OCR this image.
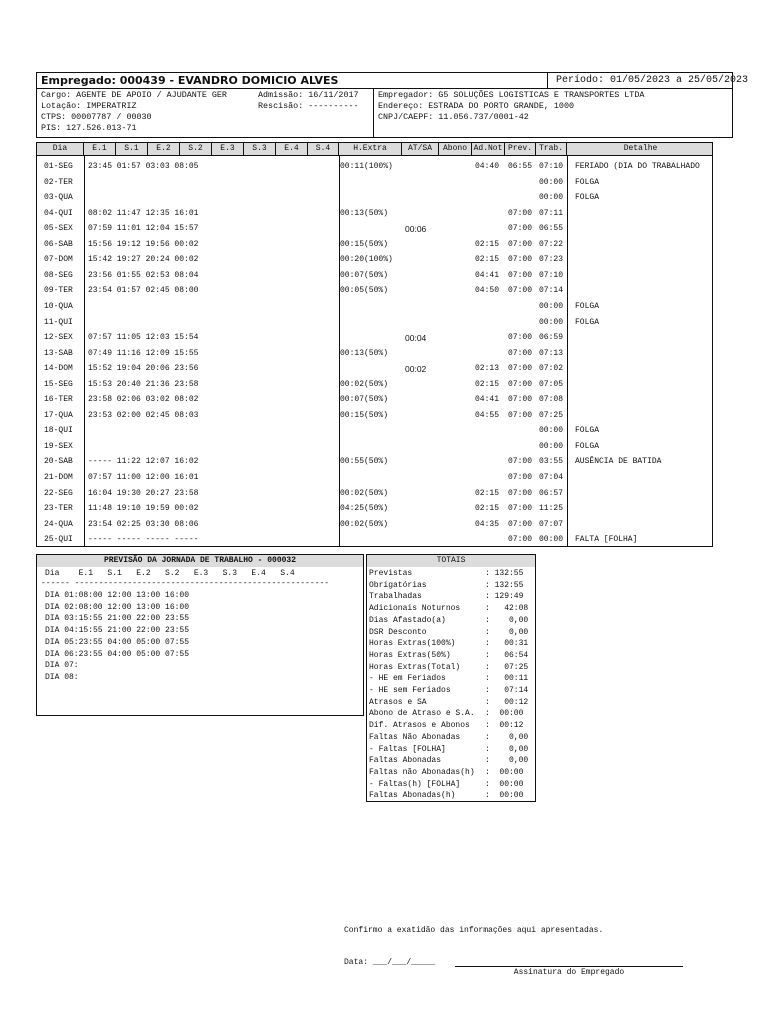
Empregado: 000439 - EVANDRO DOMICIO ALVES	Período: 01/05/2023 a 25/05/2023
Cargo: AGENTE DE APOIO / AJUDANTE GER	Admissão: 16/11/2017
Lotação: IMPERATRIZ	Rescisão: ----------
CTPS: 00007787 / 00030
PIS: 127.526.013-71
Empregador: G5 SOLUÇÕES LOGISTICAS E TRANSPORTES LTDA
Endereço: ESTRADA DO PORTO GRANDE, 1000
CNPJ/CAEPF: 11.056.737/0001-42
Dia	E.1	S.1	E.2	S.2	E.3	S.3	E.4	S.4	H.Extra	AT/SA	Abono Ad.Not Prev. Trab.	Detalhe
01-SEG 23:45 01:57 03:03 08:05	00:11(100%)	04:40 06:55 07:10 FERIADO (DIA DO TRABALHADO
02-TER	00:00 FOLGA
03-QUA	00:00 FOLGA
04-QUI 08:02 11:47 12:35 16:01	00:13(50%)	07:00 07:11
05-SEX 07:59 11:01 12:04 15:57	00:06	07:00 06:55
06-SAB 15:56 19:12 19:56 00:02	00:15(50%)	02:15 07:00 07:22
07-DOM 15:42 19:27 20:24 00:02	00:20(100%)	02:15 07:00 07:23
08-SEG 23:56 01:55 02:53 08:04	00:07(50%)	04:41 07:00 07:10
09-TER 23:54 01:57 02:45 08:00	00:05(50%)	04:50 07:00 07:14
10-QUA	00:00 FOLGA
11-QUI	00:00 FOLGA
12-SEX 07:57 11:05 12:03 15:54	00:04	07:00 06:59
13-SAB 07:49 11:16 12:09 15:55	00:13(50%)	07:00 07:13
14-DOM 15:52 19:04 20:06 23:56	00:02	02:13 07:00 07:02
15-SEG 15:53 20:40 21:36 23:58	00:02(50%)	02:15 07:00 07:05
16-TER 23:58 02:06 03:02 08:02	00:07(50%)	04:41 07:00 07:08
17-QUA 23:53 02:00 02:45 08:03	00:15(50%)	04:55 07:00 07:25
18-QUI	00:00 FOLGA
19-SEX	00:00 FOLGA
20-SAB ----- 11:22 12:07 16:02	00:55(50%)	07:00 03:55 AUSÊNCIA DE BATIDA
21-DOM 07:57 11:00 12:00 16:01	07:00 07:04
22-SEG 16:04 19:30 20:27 23:58	00:02(50%)	02:15 07:00 06:57
23-TER 11:48 19:10 19:59 00:02	04:25(50%)	02:15 07:00 11:25
24-QUA 23:54 02:25 03:30 08:06	00:02(50%)	04:35 07:00 07:07
25-QUI ----- ----- ----- -----	07:00 00:00 FALTA [FOLHA]
PREVISÃO DA JORNADA DE TRABALHO - 000032
Dia    E.1   S.1   E.2   S.2   E.3   S.3   E.4   S.4
------ -----------------------------------------------------
DIA 01:08:00 12:00 13:00 16:00
DIA 02:08:00 12:00 13:00 16:00
DIA 03:15:55 21:00 22:00 23:55
DIA 04:15:55 21:00 22:00 23:55
DIA 05:23:55 04:00 05:00 07:55
DIA 06:23:55 04:00 05:00 07:55
DIA 07:
DIA 08:
TOTAIS
Previstas	: 132:55
Obrigatórias	: 132:55
Trabalhadas	: 129:49
Adicionais Noturnos	:   42:08
Dias Afastado(a)	:    0,00
DSR Desconto	:    0,00
Horas Extras(100%)	:   00:31
Horas Extras(50%)	:   06:54
Horas Extras(Total)	:   07:25
- HE em Feriados	:   00:11
- HE sem Feriados	:   07:14
Atrasos e SA	:   00:12
Abono de Atraso e S.A. :  00:00
Dif. Atrasos e Abonos :  00:12
Faltas Não Abonadas	:    0,00
- Faltas [FOLHA]	:    0,00
Faltas Abonadas	:    0,00
Faltas não Abonadas(h) :  00:00
- Faltas(h) [FOLHA]	:  00:00
Faltas Abonadas(h)	:  00:00
Confirmo a exatidão das informações aqui apresentadas.
Data: ___/___/_____
Assinatura do Empregado
